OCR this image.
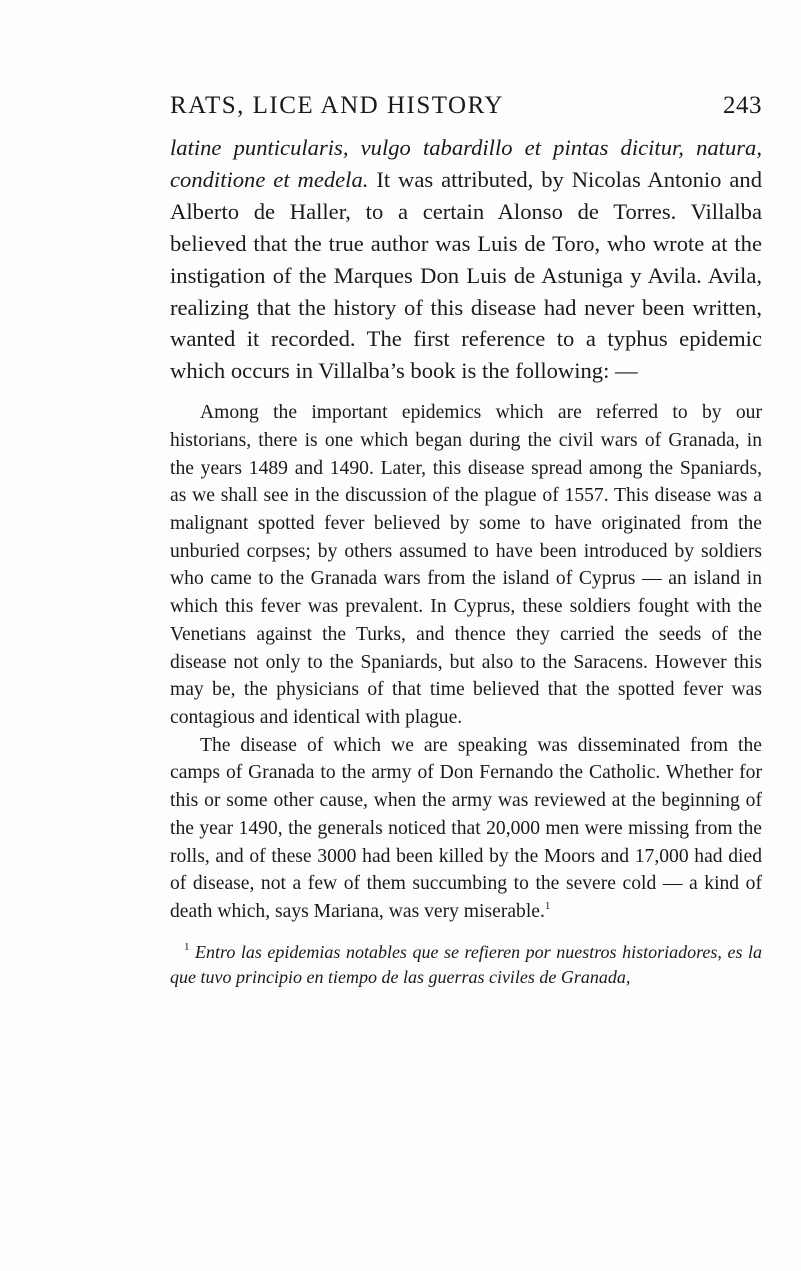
RATS, LICE AND HISTORY	243

latine punticularis, vulgo tabardillo et pintas dicitur, natura, conditione et medela. It was attributed, by Nicolas Antonio and Alberto de Haller, to a certain Alonso de Torres. Villalba believed that the true author was Luis de Toro, who wrote at the instigation of the Marques Don Luis de Astuniga y Avila. Avila, realizing that the history of this disease had never been written, wanted it recorded. The first reference to a typhus epidemic which occurs in Villalba’s book is the following: —

Among the important epidemics which are referred to by our historians, there is one which began during the civil wars of Granada, in the years 1489 and 1490. Later, this disease spread among the Spaniards, as we shall see in the discussion of the plague of 1557. This disease was a malignant spotted fever believed by some to have originated from the unburied corpses; by others assumed to have been introduced by soldiers who came to the Granada wars from the island of Cyprus — an island in which this fever was prevalent. In Cyprus, these soldiers fought with the Venetians against the Turks, and thence they carried the seeds of the disease not only to the Spaniards, but also to the Saracens. However this may be, the physicians of that time believed that the spotted fever was contagious and identical with plague.

The disease of which we are speaking was disseminated from the camps of Granada to the army of Don Fernando the Catholic. Whether for this or some other cause, when the army was reviewed at the beginning of the year 1490, the generals noticed that 20,000 men were missing from the rolls, and of these 3000 had been killed by the Moors and 17,000 had died of disease, not a few of them succumbing to the severe cold — a kind of death which, says Mariana, was very miserable.$^1$

$^1$ Entro las epidemias notables que se refieren por nuestros historiadores, es la que tuvo principio en tiempo de las guerras civiles de Granada,
